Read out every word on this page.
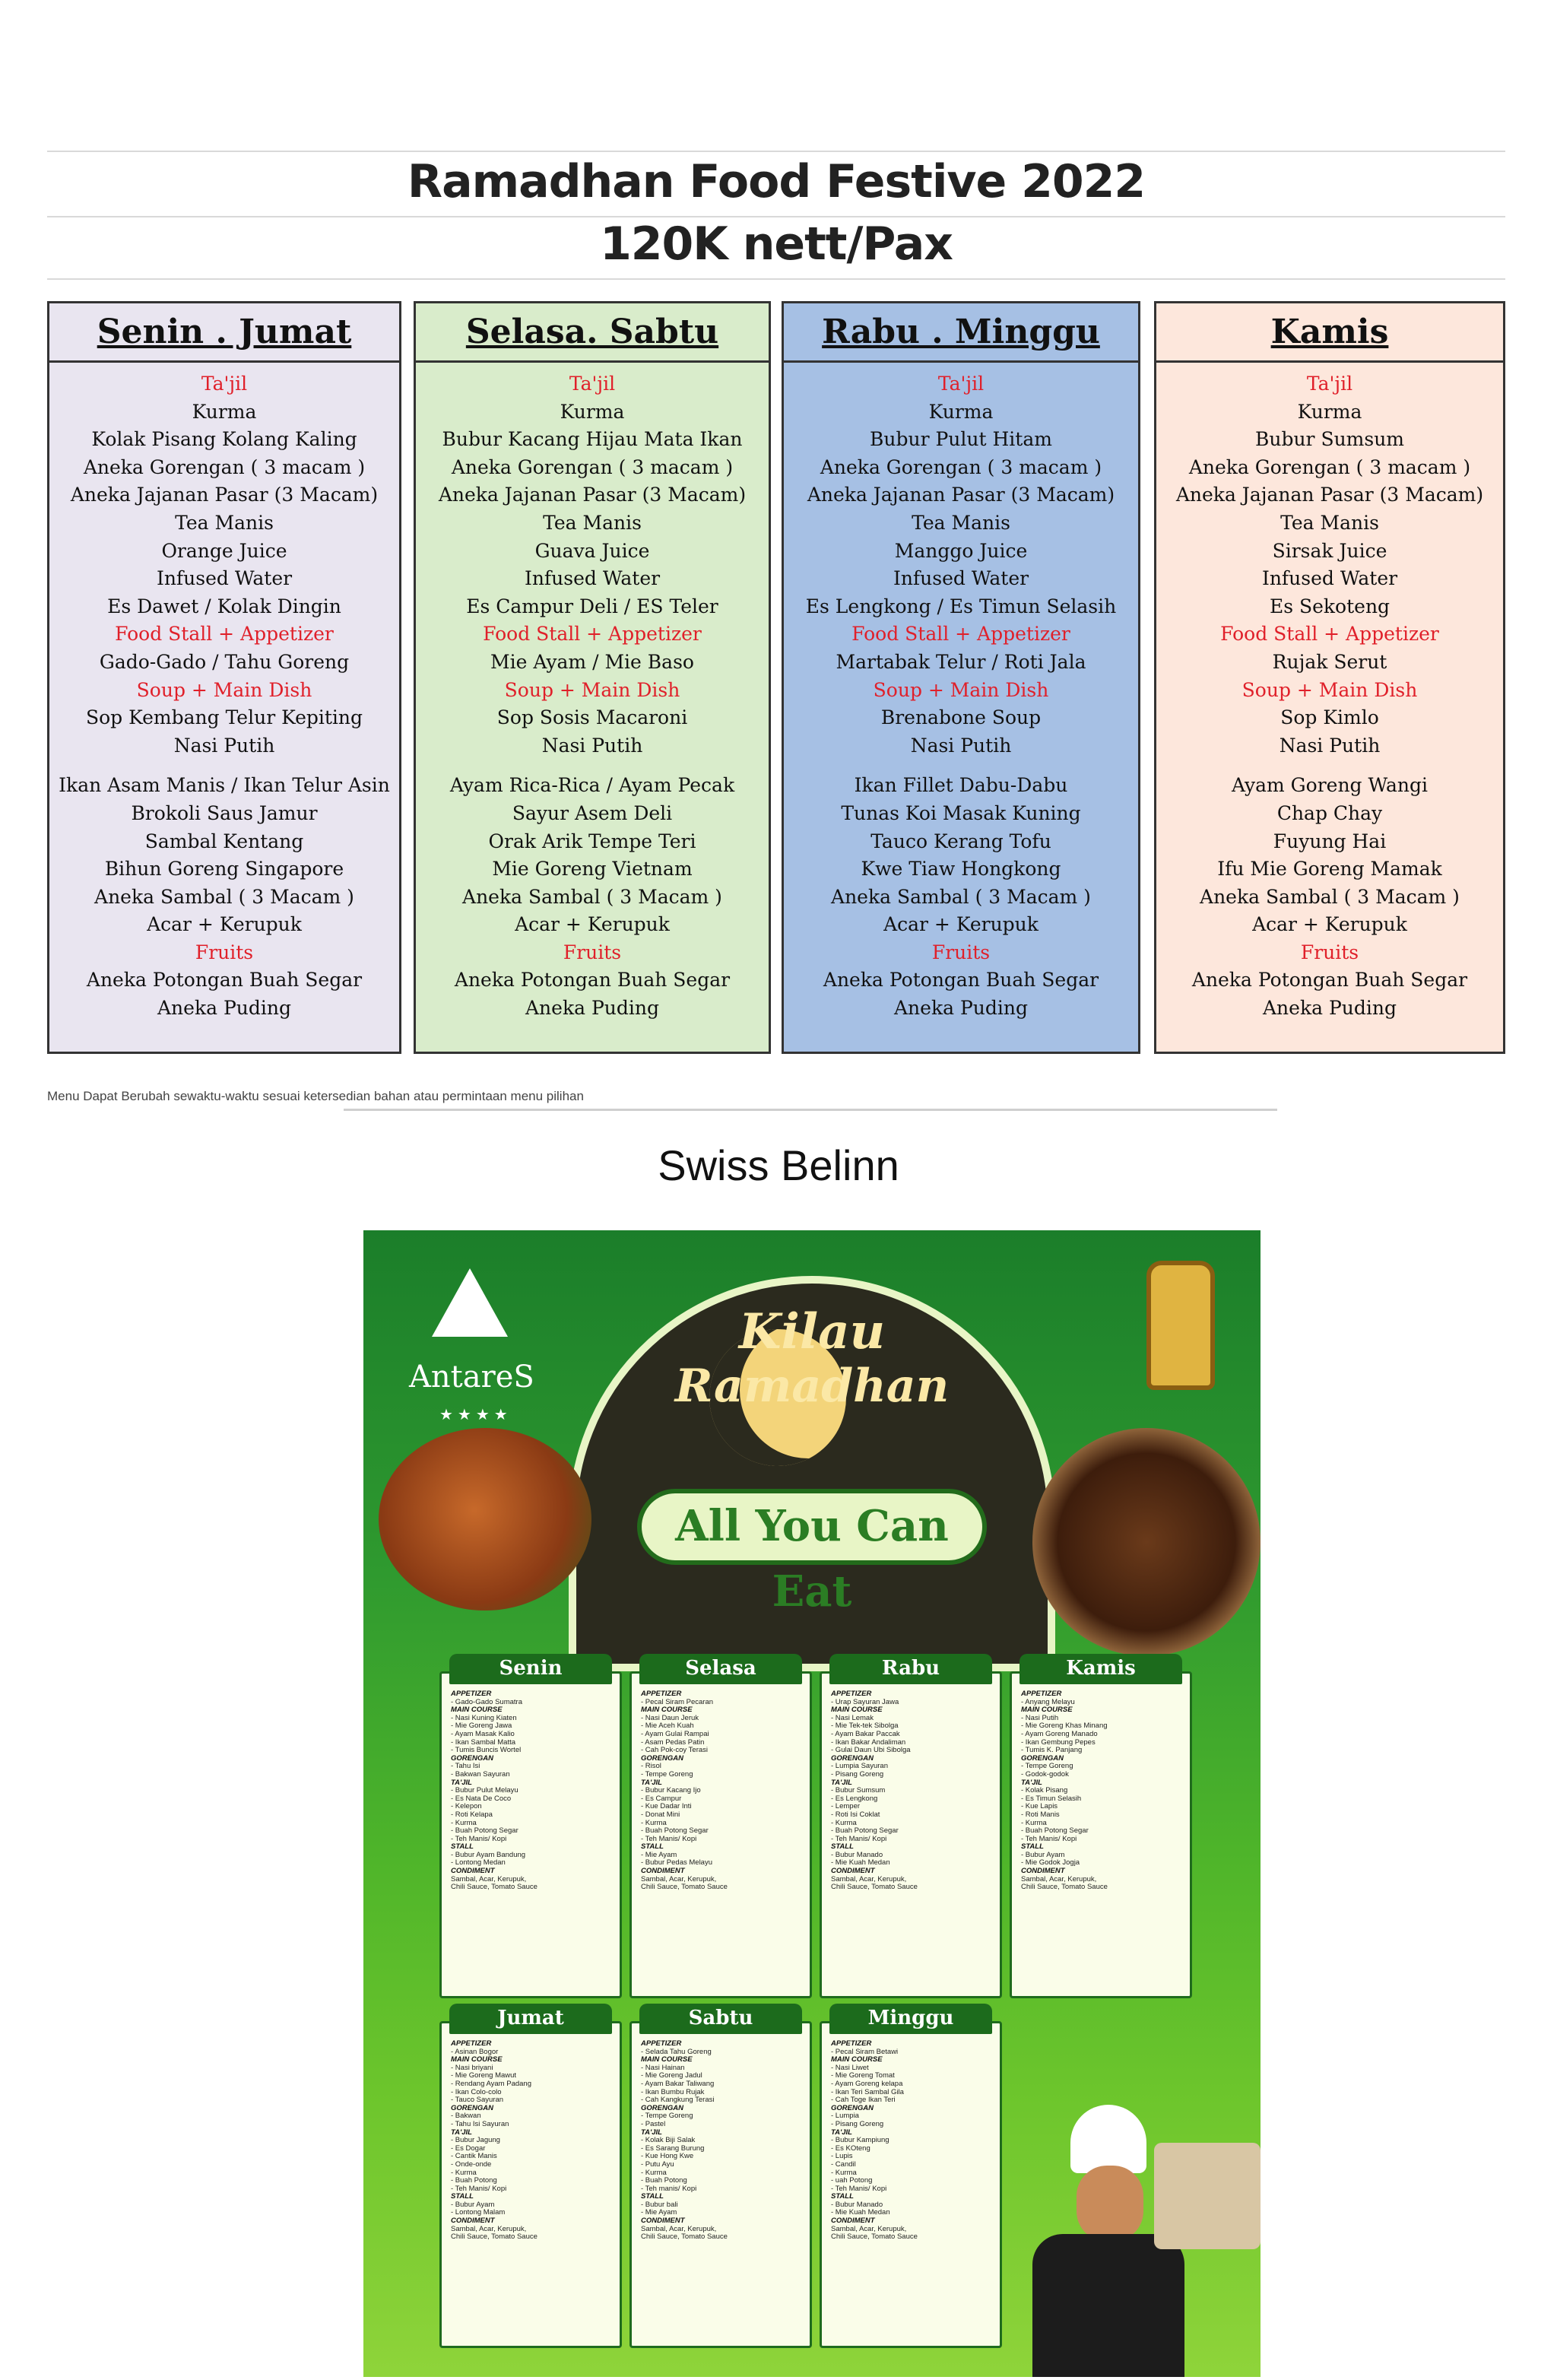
Ramadhan Food Festive 2022
120K nett/Pax
Senin . Jumat
Ta'jil
Kurma
Kolak Pisang Kolang Kaling
Aneka Gorengan ( 3 macam )
Aneka Jajanan Pasar (3 Macam)
Tea Manis
Orange Juice
Infused Water
Es Dawet / Kolak Dingin
Food Stall + Appetizer
Gado-Gado / Tahu Goreng
Soup + Main Dish
Sop Kembang Telur Kepiting
Nasi Putih
Ikan Asam Manis / Ikan Telur Asin
Brokoli Saus Jamur
Sambal Kentang
Bihun Goreng Singapore
Aneka Sambal ( 3 Macam )
Acar + Kerupuk
Fruits
Aneka Potongan Buah Segar
Aneka Puding
Selasa. Sabtu
Ta'jil
Kurma
Bubur Kacang Hijau Mata Ikan
Aneka Gorengan ( 3 macam )
Aneka Jajanan Pasar (3 Macam)
Tea Manis
Guava Juice
Infused Water
Es Campur Deli / ES Teler
Food Stall + Appetizer
Mie Ayam / Mie Baso
Soup + Main Dish
Sop Sosis Macaroni
Nasi Putih
Ayam Rica-Rica / Ayam Pecak
Sayur Asem Deli
Orak Arik Tempe Teri
Mie Goreng Vietnam
Aneka Sambal ( 3 Macam )
Acar + Kerupuk
Fruits
Aneka Potongan Buah Segar
Aneka Puding
Rabu . Minggu
Ta'jil
Kurma
Bubur Pulut Hitam
Aneka Gorengan ( 3 macam )
Aneka Jajanan Pasar (3 Macam)
Tea Manis
Manggo Juice
Infused Water
Es Lengkong / Es Timun Selasih
Food Stall + Appetizer
Martabak Telur / Roti Jala
Soup + Main Dish
Brenabone Soup
Nasi Putih
Ikan Fillet Dabu-Dabu
Tunas Koi Masak Kuning
Tauco Kerang Tofu
Kwe Tiaw Hongkong
Aneka Sambal ( 3 Macam )
Acar + Kerupuk
Fruits
Aneka Potongan Buah Segar
Aneka Puding
Kamis
Ta'jil
Kurma
Bubur Sumsum
Aneka Gorengan ( 3 macam )
Aneka Jajanan Pasar (3 Macam)
Tea Manis
Sirsak Juice
Infused Water
Es Sekoteng
Food Stall + Appetizer
Rujak Serut
Soup + Main Dish
Sop Kimlo
Nasi Putih
Ayam Goreng Wangi
Chap Chay
Fuyung Hai
Ifu Mie Goreng Mamak
Aneka Sambal ( 3 Macam )
Acar + Kerupuk
Fruits
Aneka Potongan Buah Segar
Aneka Puding
Menu Dapat Berubah sewaktu-waktu sesuai ketersedian bahan atau permintaan menu pilihan
Swiss Belinn
AntareS
★★★★
Kilau
Ramadhan
All You Can Eat
Senin
APPETIZER
- Gado-Gado Sumatra
MAIN COURSE
- Nasi Kuning Kiaten
- Mie Goreng Jawa
- Ayam Masak Kalio
- Ikan Sambal Matta
- Tumis Buncis Wortel
GORENGAN
- Tahu Isi
- Bakwan Sayuran
TA'JIL
- Bubur Pulut Melayu
- Es Nata De Coco
- Kelepon
- Roti Kelapa
- Kurma
- Buah Potong Segar
- Teh Manis/ Kopi
STALL
- Bubur Ayam Bandung
- Lontong Medan
CONDIMENT
Sambal, Acar, Kerupuk,
Chili Sauce, Tomato Sauce
Selasa
APPETIZER
- Pecal Siram Pecaran
MAIN COURSE
- Nasi Daun Jeruk
- Mie Aceh Kuah
- Ayam Gulai Rampai
- Asam Pedas Patin
- Cah Pok-coy Terasi
GORENGAN
- Risol
- Tempe Goreng
TA'JIL
- Bubur Kacang Ijo
- Es Campur
- Kue Dadar Inti
- Donat Mini
- Kurma
- Buah Potong Segar
- Teh Manis/ Kopi
STALL
- Mie Ayam
- Bubur Pedas Melayu
CONDIMENT
Sambal, Acar, Kerupuk,
Chili Sauce, Tomato Sauce
Rabu
APPETIZER
- Urap Sayuran Jawa
MAIN COURSE
- Nasi Lemak
- Mie Tek-tek Sibolga
- Ayam Bakar Paccak
- Ikan Bakar Andaliman
- Gulai Daun Ubi Sibolga
GORENGAN
- Lumpia Sayuran
- Pisang Goreng
TA'JIL
- Bubur Sumsum
- Es Lengkong
- Lemper
- Roti Isi Coklat
- Kurma
- Buah Potong Segar
- Teh Manis/ Kopi
STALL
- Bubur Manado
- Mie Kuah Medan
CONDIMENT
Sambal, Acar, Kerupuk,
Chili Sauce, Tomato Sauce
Kamis
APPETIZER
- Anyang Melayu
MAIN COURSE
- Nasi Putih
- Mie Goreng Khas Minang
- Ayam Goreng Manado
- Ikan Gembung Pepes
- Tumis K. Panjang
GORENGAN
- Tempe Goreng
- Godok-godok
TA'JIL
- Kolak Pisang
- Es Timun Selasih
- Kue Lapis
- Roti Manis
- Kurma
- Buah Potong Segar
- Teh Manis/ Kopi
STALL
- Bubur Ayam
- Mie Godok Jogja
CONDIMENT
Sambal, Acar, Kerupuk,
Chili Sauce, Tomato Sauce
Jumat
APPETIZER
- Asinan Bogor
MAIN COURSE
- Nasi briyani
- Mie Goreng Mawut
- Rendang Ayam Padang
- Ikan Colo-colo
- Tauco Sayuran
GORENGAN
- Bakwan
- Tahu Isi Sayuran
TA'JIL
- Bubur Jagung
- Es Dogar
- Cantik Manis
- Onde-onde
- Kurma
- Buah Potong
- Teh Manis/ Kopi
STALL
- Bubur Ayam
- Lontong Malam
CONDIMENT
Sambal, Acar, Kerupuk,
Chili Sauce, Tomato Sauce
Sabtu
APPETIZER
- Selada Tahu Goreng
MAIN COURSE
- Nasi Hainan
- Mie Goreng Jadul
- Ayam Bakar Taliwang
- Ikan Bumbu Rujak
- Cah Kangkung Terasi
GORENGAN
- Tempe Goreng
- Pastel
TA'JIL
- Kolak Biji Salak
- Es Sarang Burung
- Kue Hong Kwe
- Putu Ayu
- Kurma
- Buah Potong
- Teh manis/ Kopi
STALL
- Bubur bali
- Mie Ayam
CONDIMENT
Sambal, Acar, Kerupuk,
Chili Sauce, Tomato Sauce
Minggu
APPETIZER
- Pecal Siram Betawi
MAIN COURSE
- Nasi Liwet
- Mie Goreng Tomat
- Ayam Goreng kelapa
- Ikan Teri Sambal Gila
- Cah Toge Ikan Teri
GORENGAN
- Lumpia
- Pisang Goreng
TA'JIL
- Bubur Kampiung
- Es KOteng
- Lupis
- Candil
- Kurma
- uah Potong
- Teh Manis/ Kopi
STALL
- Bubur Manado
- Mie Kuah Medan
CONDIMENT
Sambal, Acar, Kerupuk,
Chili Sauce, Tomato Sauce
